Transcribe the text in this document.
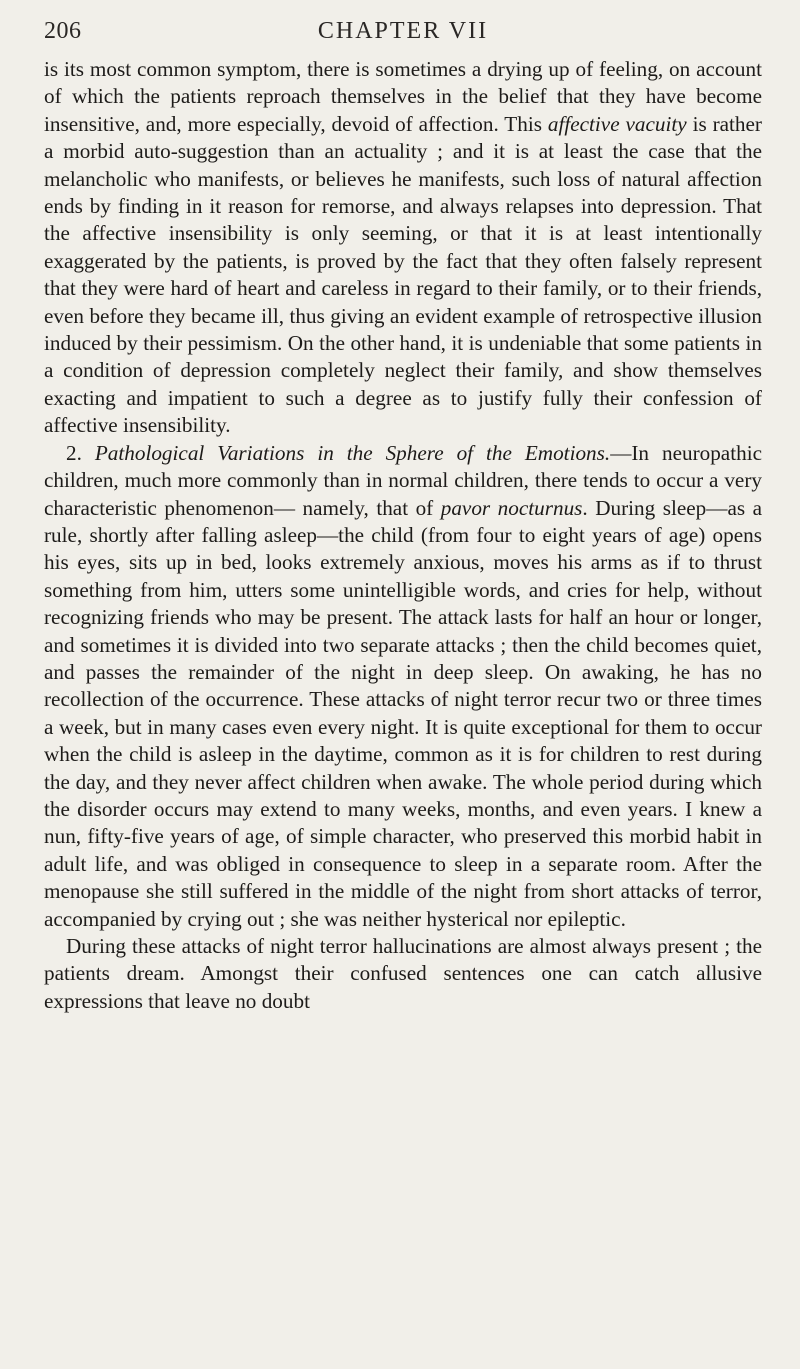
206	CHAPTER VII

is its most common symptom, there is sometimes a drying up of feeling, on account of which the patients reproach themselves in the belief that they have become insensitive, and, more especially, devoid of affection. This affective vacuity is rather a morbid auto-suggestion than an actuality ; and it is at least the case that the melancholic who manifests, or believes he manifests, such loss of natural affection ends by finding in it reason for remorse, and always relapses into depression. That the affective insensibility is only seeming, or that it is at least intentionally exaggerated by the patients, is proved by the fact that they often falsely represent that they were hard of heart and careless in regard to their family, or to their friends, even before they became ill, thus giving an evident example of retrospective illusion induced by their pessimism. On the other hand, it is undeniable that some patients in a condition of depression completely neglect their family, and show themselves exacting and impatient to such a degree as to justify fully their confession of affective insensibility.

2. Pathological Variations in the Sphere of the Emotions.—In neuropathic children, much more commonly than in normal children, there tends to occur a very characteristic phenomenon— namely, that of pavor nocturnus. During sleep—as a rule, shortly after falling asleep—the child (from four to eight years of age) opens his eyes, sits up in bed, looks extremely anxious, moves his arms as if to thrust something from him, utters some unintelligible words, and cries for help, without recognizing friends who may be present. The attack lasts for half an hour or longer, and sometimes it is divided into two separate attacks ; then the child becomes quiet, and passes the remainder of the night in deep sleep. On awaking, he has no recollection of the occurrence. These attacks of night terror recur two or three times a week, but in many cases even every night. It is quite exceptional for them to occur when the child is asleep in the daytime, common as it is for children to rest during the day, and they never affect children when awake. The whole period during which the disorder occurs may extend to many weeks, months, and even years. I knew a nun, fifty-five years of age, of simple character, who preserved this morbid habit in adult life, and was obliged in consequence to sleep in a separate room. After the menopause she still suffered in the middle of the night from short attacks of terror, accompanied by crying out ; she was neither hysterical nor epileptic.

During these attacks of night terror hallucinations are almost always present ; the patients dream. Amongst their confused sentences one can catch allusive expressions that leave no doubt
